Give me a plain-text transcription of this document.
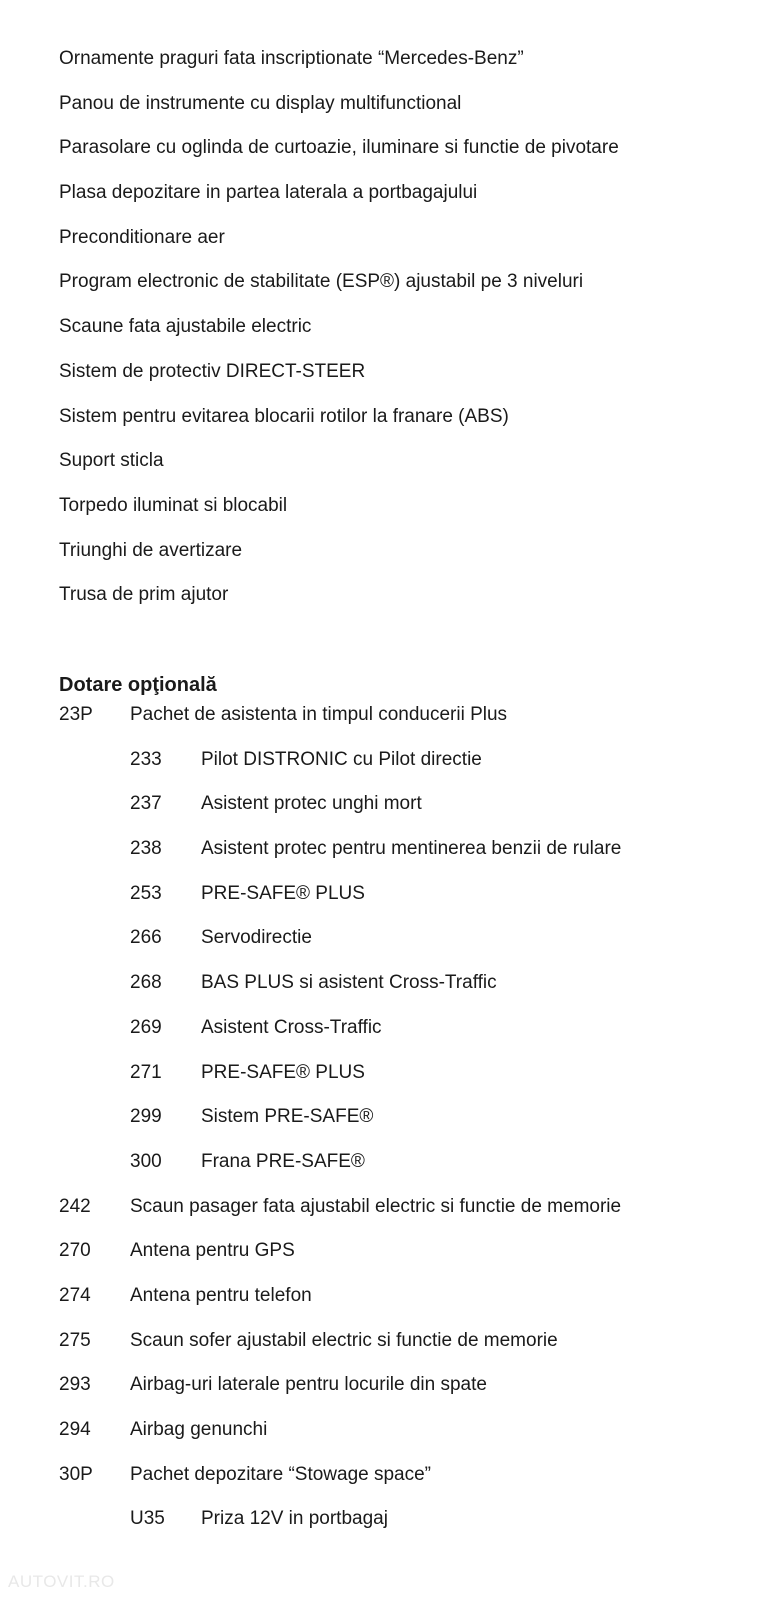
Ornamente praguri fata inscriptionate “Mercedes-Benz”
Panou de instrumente cu display multifunctional
Parasolare cu oglinda de curtoazie, iluminare si functie de pivotare
Plasa depozitare in partea laterala a portbagajului
Preconditionare aer
Program electronic de stabilitate (ESP®) ajustabil pe 3 niveluri
Scaune fata ajustabile electric
Sistem de protectiv DIRECT-STEER
Sistem pentru evitarea blocarii rotilor la franare (ABS)
Suport sticla
Torpedo iluminat si blocabil
Triunghi de avertizare
Trusa de prim ajutor
Dotare opţională
23P	Pachet de asistenta in timpul conducerii Plus
233	Pilot DISTRONIC cu Pilot directie
237	Asistent protec unghi mort
238	Asistent protec pentru mentinerea benzii de rulare
253	PRE-SAFE® PLUS
266	Servodirectie
268	BAS PLUS si asistent Cross-Traffic
269	Asistent Cross-Traffic
271	PRE-SAFE® PLUS
299	Sistem PRE-SAFE®
300	Frana PRE-SAFE®
242	Scaun pasager fata ajustabil electric si functie de memorie
270	Antena pentru GPS
274	Antena pentru telefon
275	Scaun sofer ajustabil electric si functie de memorie
293	Airbag-uri laterale pentru locurile din spate
294	Airbag genunchi
30P	Pachet depozitare “Stowage space”
U35	Priza 12V in portbagaj
AUTOVIT.RO
